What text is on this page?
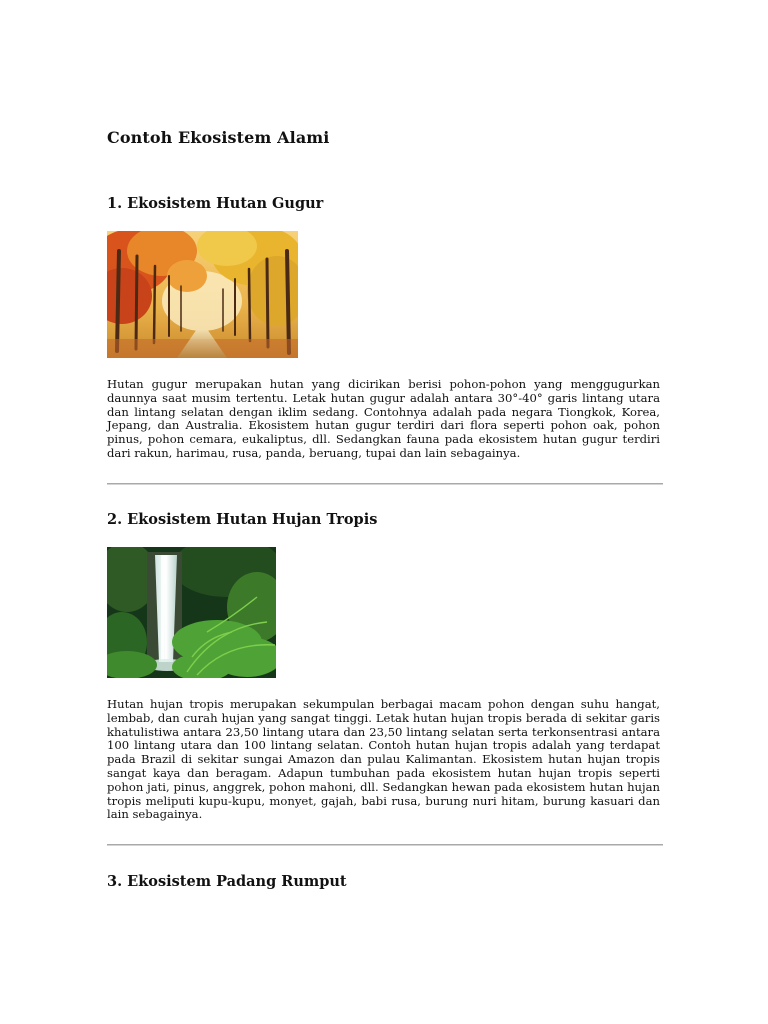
Contoh Ekosistem Alami
1. Ekosistem Hutan Gugur

Hutan gugur merupakan hutan yang dicirikan berisi pohon-pohon yang menggugurkan daunnya saat musim tertentu. Letak hutan gugur adalah antara 30°-40° garis lintang utara dan lintang selatan dengan iklim sedang. Contohnya adalah pada negara Tiongkok, Korea, Jepang, dan Australia. Ekosistem hutan gugur terdiri dari flora seperti pohon oak, pohon pinus, pohon cemara, eukaliptus, dll. Sedangkan fauna pada ekosistem hutan gugur terdiri dari rakun, harimau, rusa, panda, beruang, tupai dan lain sebagainya.

2. Ekosistem Hutan Hujan Tropis

Hutan hujan tropis merupakan sekumpulan berbagai macam pohon dengan suhu hangat, lembab, dan curah hujan yang sangat tinggi. Letak hutan hujan tropis berada di sekitar garis khatulistiwa antara 23,50 lintang utara dan 23,50 lintang selatan serta terkonsentrasi antara 100 lintang utara dan 100 lintang selatan. Contoh hutan hujan tropis adalah yang terdapat pada Brazil di sekitar sungai Amazon dan pulau Kalimantan. Ekosistem hutan hujan tropis sangat kaya dan beragam. Adapun tumbuhan pada ekosistem hutan hujan tropis seperti pohon jati, pinus, anggrek, pohon mahoni, dll. Sedangkan hewan pada ekosistem hutan hujan tropis meliputi kupu-kupu, monyet, gajah, babi rusa, burung nuri hitam, burung kasuari dan lain sebagainya.

3. Ekosistem Padang Rumput
